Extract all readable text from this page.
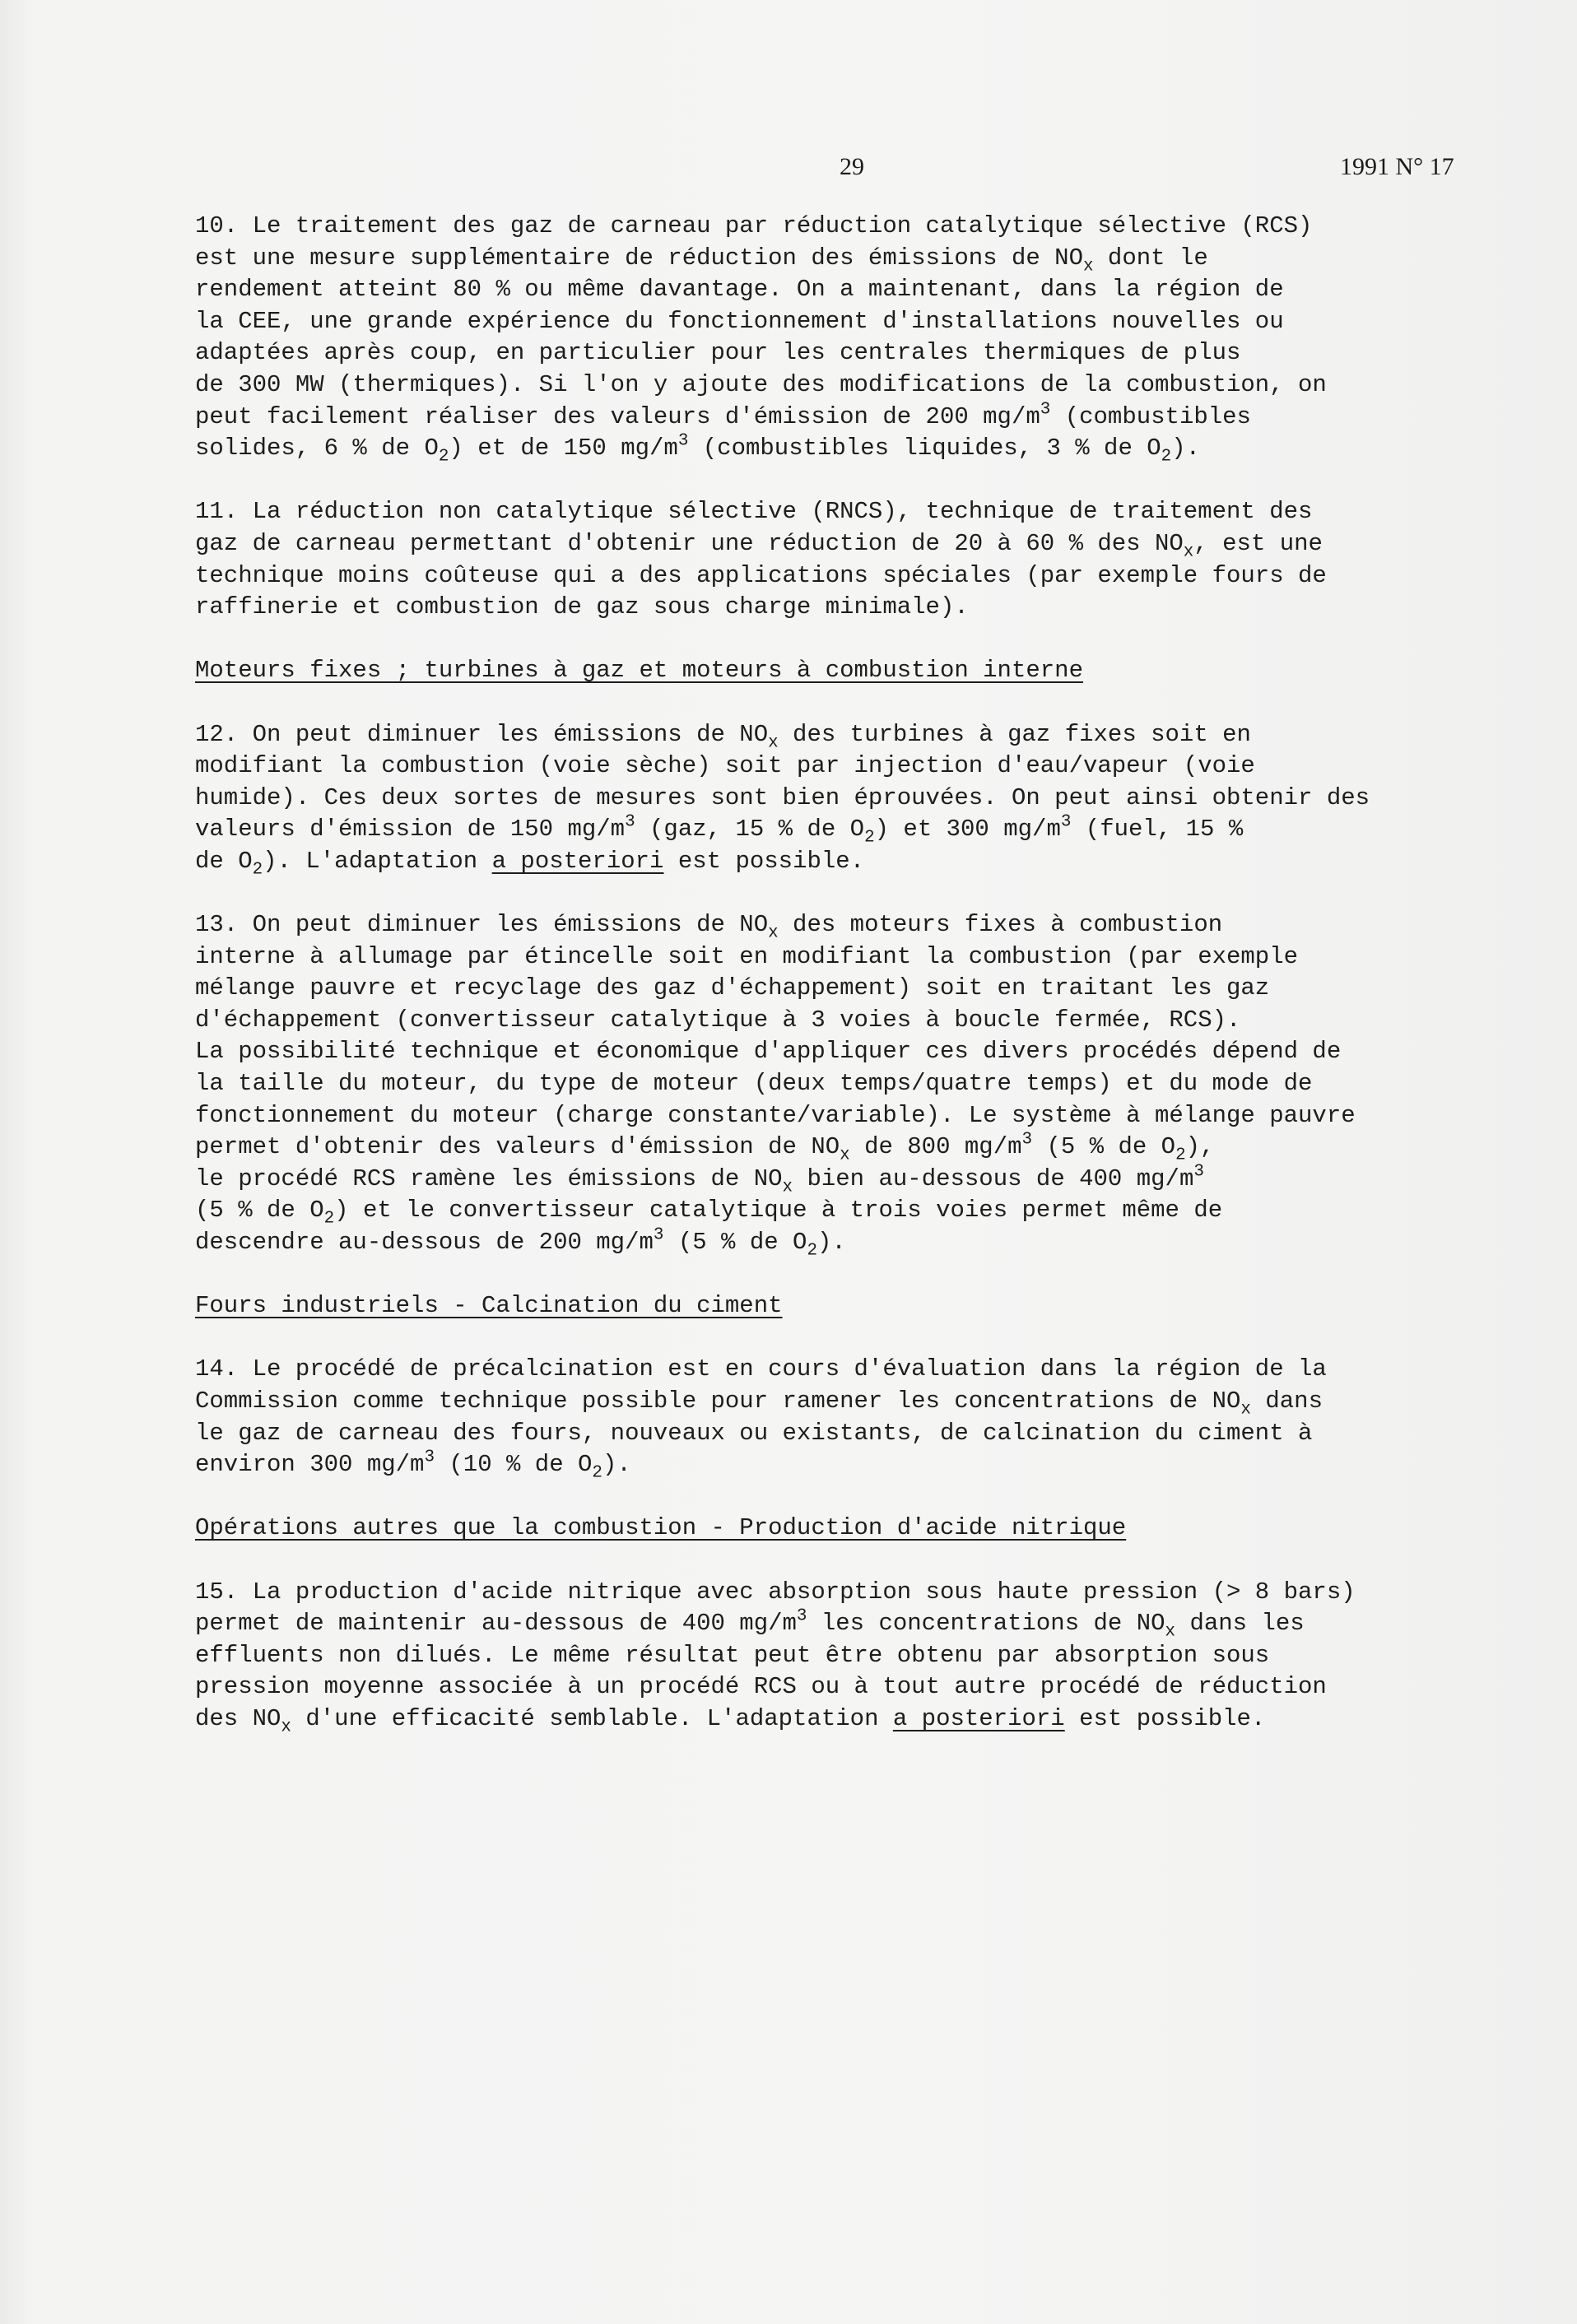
29	1991 N° 17
10. Le traitement des gaz de carneau par réduction catalytique sélective (RCS)
est une mesure supplémentaire de réduction des émissions de $NO_x$ dont le
rendement atteint 80 % ou même davantage. On a maintenant, dans la région de
la CEE, une grande expérience du fonctionnement d'installations nouvelles ou
adaptées après coup, en particulier pour les centrales thermiques de plus
de 300 MW (thermiques). Si l'on y ajoute des modifications de la combustion, on
peut facilement réaliser des valeurs d'émission de 200 $mg/m^3$ (combustibles
solides, 6 % de $O_2$) et de 150 $mg/m^3$ (combustibles liquides, 3 % de $O_2$).
11. La réduction non catalytique sélective (RNCS), technique de traitement des
gaz de carneau permettant d'obtenir une réduction de 20 à 60 % des $NO_x$, est une
technique moins coûteuse qui a des applications spéciales (par exemple fours de
raffinerie et combustion de gaz sous charge minimale).
Moteurs fixes ; turbines à gaz et moteurs à combustion interne
12. On peut diminuer les émissions de $NO_x$ des turbines à gaz fixes soit en
modifiant la combustion (voie sèche) soit par injection d'eau/vapeur (voie
humide). Ces deux sortes de mesures sont bien éprouvées. On peut ainsi obtenir des
valeurs d'émission de 150 $mg/m^3$ (gaz, 15 % de $O_2$) et 300 $mg/m^3$ (fuel, 15 %
de $O_2$). L'adaptation a posteriori est possible.
13. On peut diminuer les émissions de $NO_x$ des moteurs fixes à combustion
interne à allumage par étincelle soit en modifiant la combustion (par exemple
mélange pauvre et recyclage des gaz d'échappement) soit en traitant les gaz
d'échappement (convertisseur catalytique à 3 voies à boucle fermée, RCS).
La possibilité technique et économique d'appliquer ces divers procédés dépend de
la taille du moteur, du type de moteur (deux temps/quatre temps) et du mode de
fonctionnement du moteur (charge constante/variable). Le système à mélange pauvre
permet d'obtenir des valeurs d'émission de $NO_x$ de 800 $mg/m^3$ (5 % de $O_2$),
le procédé RCS ramène les émissions de $NO_x$ bien au-dessous de 400 $mg/m^3$
(5 % de $O_2$) et le convertisseur catalytique à trois voies permet même de
descendre au-dessous de 200 $mg/m^3$ (5 % de $O_2$).
Fours industriels - Calcination du ciment
14. Le procédé de précalcination est en cours d'évaluation dans la région de la
Commission comme technique possible pour ramener les concentrations de $NO_x$ dans
le gaz de carneau des fours, nouveaux ou existants, de calcination du ciment à
environ 300 $mg/m^3$ (10 % de $O_2$).
Opérations autres que la combustion - Production d'acide nitrique
15. La production d'acide nitrique avec absorption sous haute pression (> 8 bars)
permet de maintenir au-dessous de 400 $mg/m^3$ les concentrations de $NO_x$ dans les
effluents non dilués. Le même résultat peut être obtenu par absorption sous
pression moyenne associée à un procédé RCS ou à tout autre procédé de réduction
des $NO_x$ d'une efficacité semblable. L'adaptation a posteriori est possible.
